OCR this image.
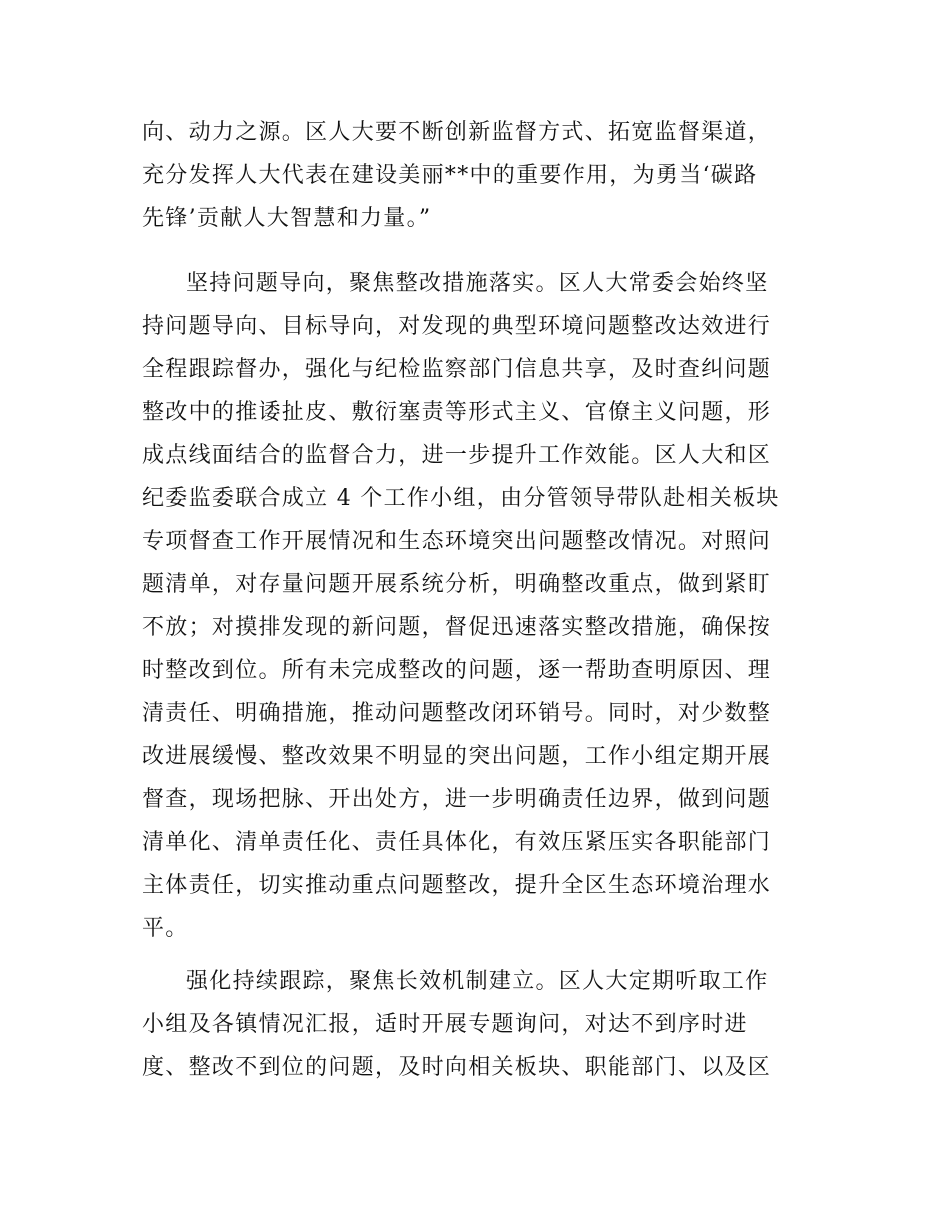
向、动力之源。区人大要不断创新监督方式、拓宽监督渠道，
充分发挥人大代表在建设美丽**中的重要作用，为勇当‘碳路
先锋’贡献人大智慧和力量。”
坚持问题导向，聚焦整改措施落实。区人大常委会始终坚
持问题导向、目标导向，对发现的典型环境问题整改达效进行
全程跟踪督办，强化与纪检监察部门信息共享，及时查纠问题
整改中的推诿扯皮、敷衍塞责等形式主义、官僚主义问题，形
成点线面结合的监督合力，进一步提升工作效能。区人大和区
纪委监委联合成立 4 个工作小组，由分管领导带队赴相关板块
专项督查工作开展情况和生态环境突出问题整改情况。对照问
题清单，对存量问题开展系统分析，明确整改重点，做到紧盯
不放；对摸排发现的新问题，督促迅速落实整改措施，确保按
时整改到位。所有未完成整改的问题，逐一帮助查明原因、理
清责任、明确措施，推动问题整改闭环销号。同时，对少数整
改进展缓慢、整改效果不明显的突出问题，工作小组定期开展
督查，现场把脉、开出处方，进一步明确责任边界，做到问题
清单化、清单责任化、责任具体化，有效压紧压实各职能部门
主体责任，切实推动重点问题整改，提升全区生态环境治理水
平。
强化持续跟踪，聚焦长效机制建立。区人大定期听取工作
小组及各镇情况汇报，适时开展专题询问，对达不到序时进
度、整改不到位的问题，及时向相关板块、职能部门、以及区
